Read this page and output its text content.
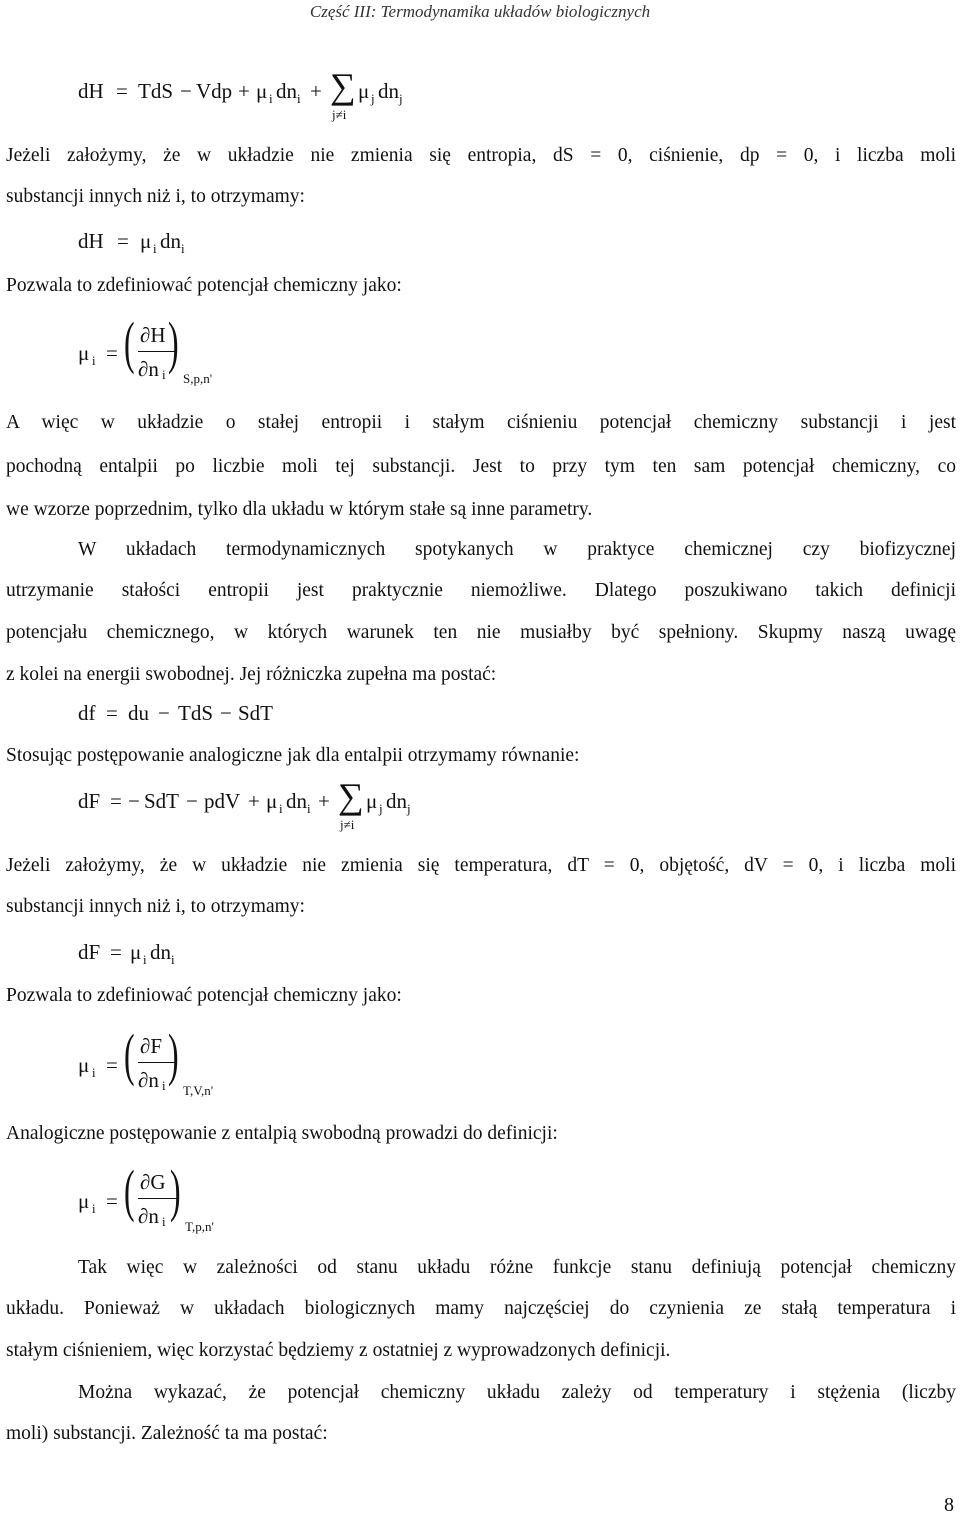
Część III: Termodynamika układów biologicznych
dH = TdS − Vdp + μ i dn i + ∑ μ j dn j
j≠i
Jeżeli założymy, że w układzie nie zmienia się entropia, dS = 0, ciśnienie, dp = 0, i liczba moli
substancji innych niż i, to otrzymamy:
dH = μ i dn i
Pozwala to zdefiniować potencjał chemiczny jako:
μ i = ( ∂H
∂n i )
S,p,n'
A więc w układzie o stałej entropii i stałym ciśnieniu potencjał chemiczny substancji i jest
pochodną entalpii po liczbie moli tej substancji. Jest to przy tym ten sam potencjał chemiczny, co
we wzorze poprzednim, tylko dla układu w którym stałe są inne parametry.
W układach termodynamicznych spotykanych w praktyce chemicznej czy biofizycznej
utrzymanie stałości entropii jest praktycznie niemożliwe. Dlatego poszukiwano takich definicji
potencjału chemicznego, w których warunek ten nie musiałby być spełniony. Skupmy naszą uwagę
z kolei na energii swobodnej. Jej różniczka zupełna ma postać:
df = du − TdS − SdT
Stosując postępowanie analogiczne jak dla entalpii otrzymamy równanie:
dF = − SdT − pdV + μ i dn i + ∑ μ j dn j
j≠i
Jeżeli założymy, że w układzie nie zmienia się temperatura, dT = 0, objętość, dV = 0, i liczba moli
substancji innych niż i, to otrzymamy:
dF = μ i dn i
Pozwala to zdefiniować potencjał chemiczny jako:
μ i = ( ∂F
∂n i )
T,V,n'
Analogiczne postępowanie z entalpią swobodną prowadzi do definicji:
μ i = ( ∂G
∂n i )
T,p,n'
Tak więc w zależności od stanu układu różne funkcje stanu definiują potencjał chemiczny
układu. Ponieważ w układach biologicznych mamy najczęściej do czynienia ze stałą temperatura i
stałym ciśnieniem, więc korzystać będziemy z ostatniej z wyprowadzonych definicji.
Można wykazać, że potencjał chemiczny układu zależy od temperatury i stężenia (liczby
moli) substancji. Zależność ta ma postać:
8
